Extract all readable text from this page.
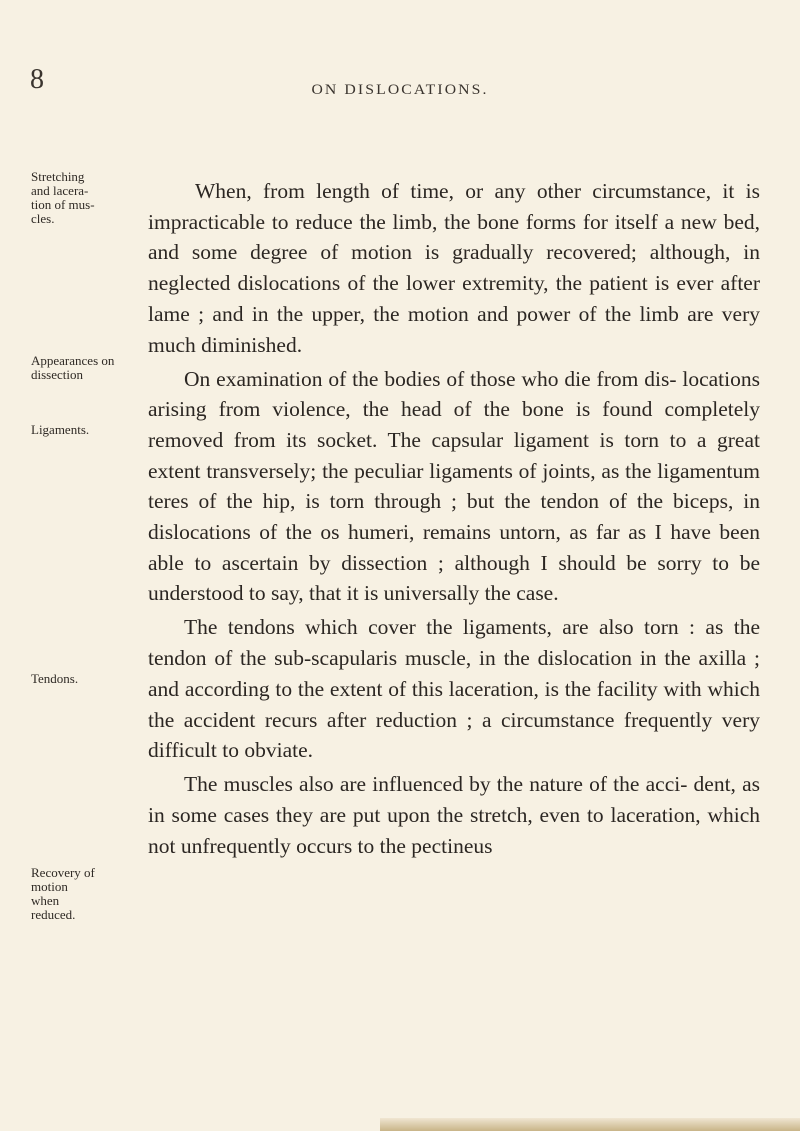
8	ON DISLOCATIONS.
Stretching and lacera- tion of mus- cles.
Appearances on dissection
Ligaments.
Tendons.
Recovery of motion when reduced.

When, from length of time, or any other circumstance, it is impracticable to reduce the limb, the bone forms for itself a new bed, and some degree of motion is gradually recovered; although, in neglected dislocations of the lower extremity, the patient is ever after lame ; and in the upper, the motion and power of the limb are very much diminished.

On examination of the bodies of those who die from dis- locations arising from violence, the head of the bone is found completely removed from its socket. The capsular ligament is torn to a great extent transversely; the peculiar ligaments of joints, as the ligamentum teres of the hip, is torn through ; but the tendon of the biceps, in dislocations of the os humeri, remains untorn, as far as I have been able to ascertain by dissection ; although I should be sorry to be understood to say, that it is universally the case.

The tendons which cover the ligaments, are also torn : as the tendon of the sub-scapularis muscle, in the dislocation in the axilla ; and according to the extent of this laceration, is the facility with which the accident recurs after reduction ; a circumstance frequently very difficult to obviate.

The muscles also are influenced by the nature of the acci- dent, as in some cases they are put upon the stretch, even to laceration, which not unfrequently occurs to the pectineus
